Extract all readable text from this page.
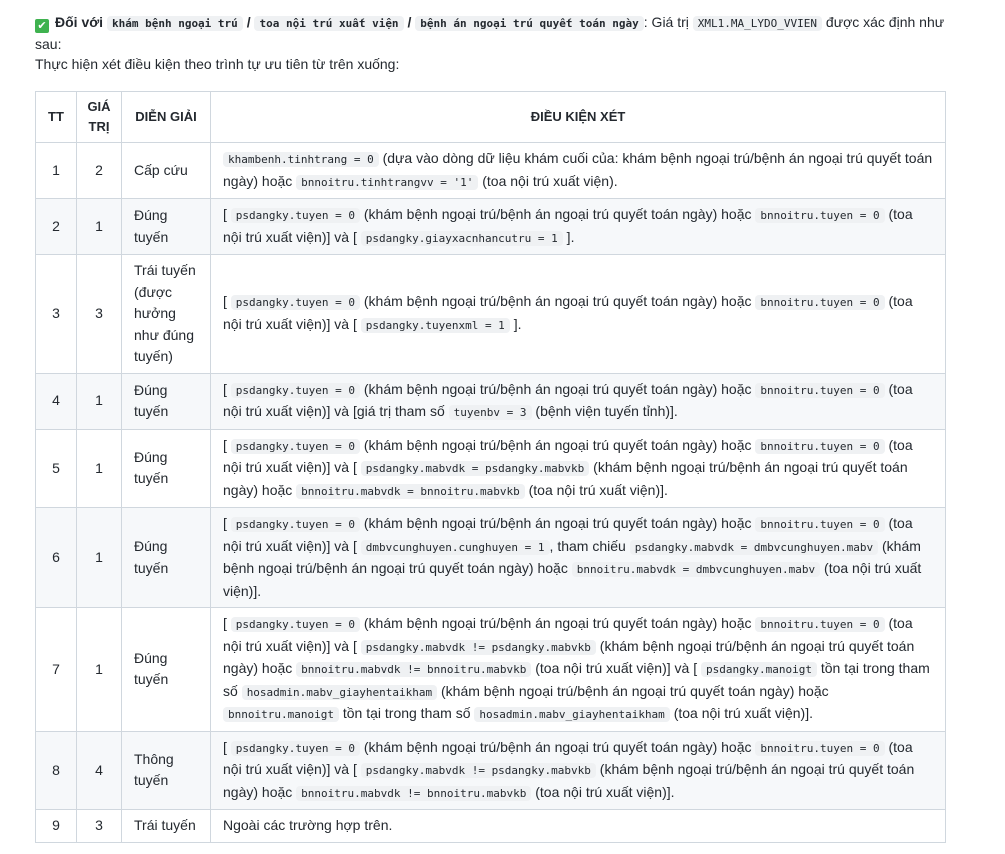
✔ Đối với khám bệnh ngoại trú / toa nội trú xuất viện / bệnh án ngoại trú quyết toán ngày : Giá trị XML1.MA_LYDO_VVIEN được xác định như sau:
Thực hiện xét điều kiện theo trình tự ưu tiên từ trên xuống:
TT	GIÁ TRỊ	DIỄN GIẢI	ĐIỀU KIỆN XÉT
1	2	Cấp cứu	khambenh.tinhtrang = 0 (dựa vào dòng dữ liệu khám cuối của: khám bệnh ngoại trú/bệnh án ngoại trú quyết toán ngày) hoặc bnnoitru.tinhtrangvv = '1' (toa nội trú xuất viện).
2	1	Đúng tuyến	[ psdangky.tuyen = 0 (khám bệnh ngoại trú/bệnh án ngoại trú quyết toán ngày) hoặc bnnoitru.tuyen = 0 (toa nội trú xuất viện)] và [ psdangky.giayxacnhancutru = 1 ].
3	3	Trái tuyến (được hưởng như đúng tuyến)	[ psdangky.tuyen = 0 (khám bệnh ngoại trú/bệnh án ngoại trú quyết toán ngày) hoặc bnnoitru.tuyen = 0 (toa nội trú xuất viện)] và [ psdangky.tuyenxml = 1 ].
4	1	Đúng tuyến	[ psdangky.tuyen = 0 (khám bệnh ngoại trú/bệnh án ngoại trú quyết toán ngày) hoặc bnnoitru.tuyen = 0 (toa nội trú xuất viện)] và [giá trị tham số tuyenbv = 3 (bệnh viện tuyến tỉnh)].
5	1	Đúng tuyến	[ psdangky.tuyen = 0 (khám bệnh ngoại trú/bệnh án ngoại trú quyết toán ngày) hoặc bnnoitru.tuyen = 0 (toa nội trú xuất viện)] và [ psdangky.mabvdk = psdangky.mabvkb (khám bệnh ngoại trú/bệnh án ngoại trú quyết toán ngày) hoặc bnnoitru.mabvdk = bnnoitru.mabvkb (toa nội trú xuất viện)].
6	1	Đúng tuyến	[ psdangky.tuyen = 0 (khám bệnh ngoại trú/bệnh án ngoại trú quyết toán ngày) hoặc bnnoitru.tuyen = 0 (toa nội trú xuất viện)] và [ dmbvcunghuyen.cunghuyen = 1 , tham chiếu psdangky.mabvdk = dmbvcunghuyen.mabv (khám bệnh ngoại trú/bệnh án ngoại trú quyết toán ngày) hoặc bnnoitru.mabvdk = dmbvcunghuyen.mabv (toa nội trú xuất viện)].
7	1	Đúng tuyến	[ psdangky.tuyen = 0 (khám bệnh ngoại trú/bệnh án ngoại trú quyết toán ngày) hoặc bnnoitru.tuyen = 0 (toa nội trú xuất viện)] và [ psdangky.mabvdk != psdangky.mabvkb (khám bệnh ngoại trú/bệnh án ngoại trú quyết toán ngày) hoặc bnnoitru.mabvdk != bnnoitru.mabvkb (toa nội trú xuất viện)] và [ psdangky.manoigt tồn tại trong tham số hosadmin.mabv_giayhentaikham (khám bệnh ngoại trú/bệnh án ngoại trú quyết toán ngày) hoặc bnnoitru.manoigt tồn tại trong tham số hosadmin.mabv_giayhentaikham (toa nội trú xuất viện)].
8	4	Thông tuyến	[ psdangky.tuyen = 0 (khám bệnh ngoại trú/bệnh án ngoại trú quyết toán ngày) hoặc bnnoitru.tuyen = 0 (toa nội trú xuất viện)] và [ psdangky.mabvdk != psdangky.mabvkb (khám bệnh ngoại trú/bệnh án ngoại trú quyết toán ngày) hoặc bnnoitru.mabvdk != bnnoitru.mabvkb (toa nội trú xuất viện)].
9	3	Trái tuyến	Ngoài các trường hợp trên.
